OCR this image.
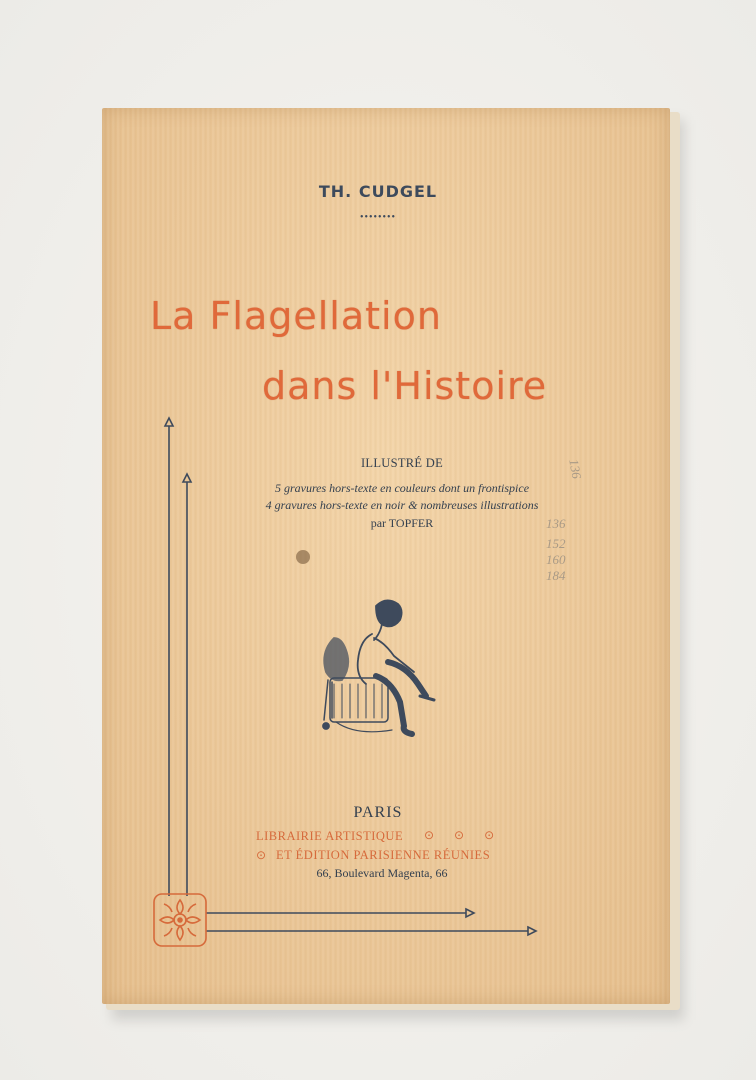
TH. CUDGEL
••••••••
La Flagellation
dans l'Histoire
ILLUSTRÉ DE
5 gravures hors-texte en couleurs dont un frontispice
4 gravures hors-texte en noir & nombreuses illustrations
par TOPFER
136
136
152
160
184
PARIS
LIBRAIRIE ARTISTIQUE ⊙⊙⊙
⊙ ET ÉDITION PARISIENNE RÉUNIES
66, Boulevard Magenta, 66
